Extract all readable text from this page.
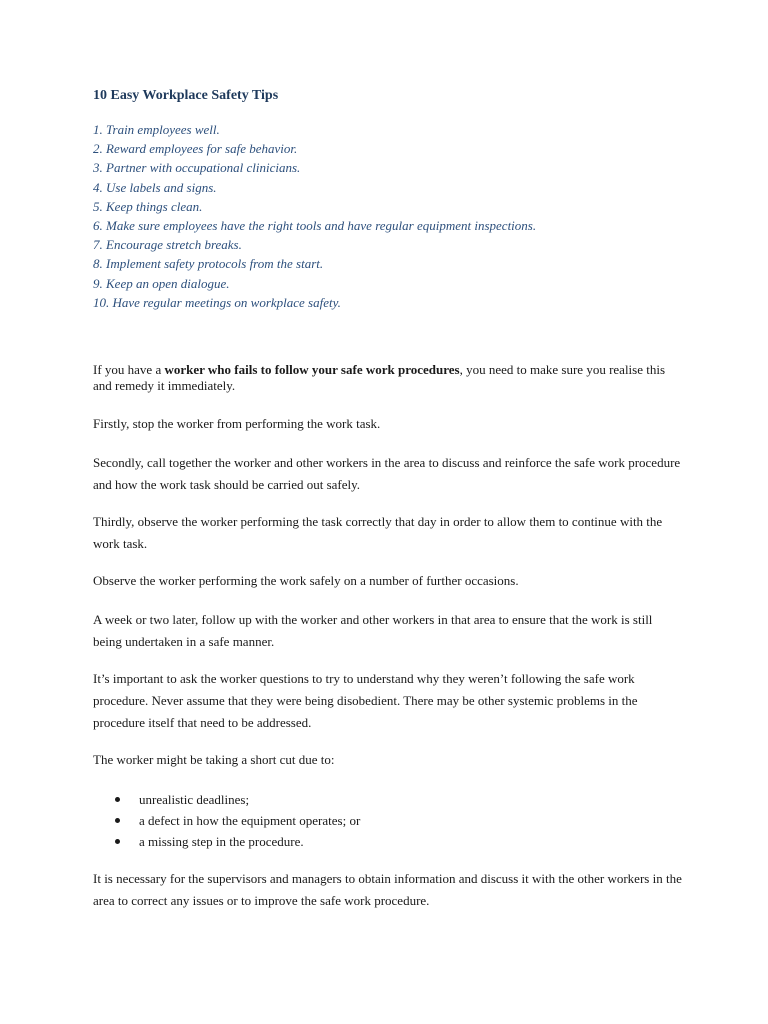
10 Easy Workplace Safety Tips
1. Train employees well.
2. Reward employees for safe behavior.
3. Partner with occupational clinicians.
4. Use labels and signs.
5. Keep things clean.
6. Make sure employees have the right tools and have regular equipment inspections.
7. Encourage stretch breaks.
8. Implement safety protocols from the start.
9. Keep an open dialogue.
10. Have regular meetings on workplace safety.

If you have a worker who fails to follow your safe work procedures, you need to make sure you realise this and remedy it immediately.

Firstly, stop the worker from performing the work task.

Secondly, call together the worker and other workers in the area to discuss and reinforce the safe work procedure and how the work task should be carried out safely.

Thirdly, observe the worker performing the task correctly that day in order to allow them to continue with the work task.

Observe the worker performing the work safely on a number of further occasions.

A week or two later, follow up with the worker and other workers in that area to ensure that the work is still being undertaken in a safe manner.

It’s important to ask the worker questions to try to understand why they weren’t following the safe work procedure. Never assume that they were being disobedient. There may be other systemic problems in the procedure itself that need to be addressed.

The worker might be taking a short cut due to:

unrealistic deadlines;
a defect in how the equipment operates; or
a missing step in the procedure.

It is necessary for the supervisors and managers to obtain information and discuss it with the other workers in the area to correct any issues or to improve the safe work procedure.
